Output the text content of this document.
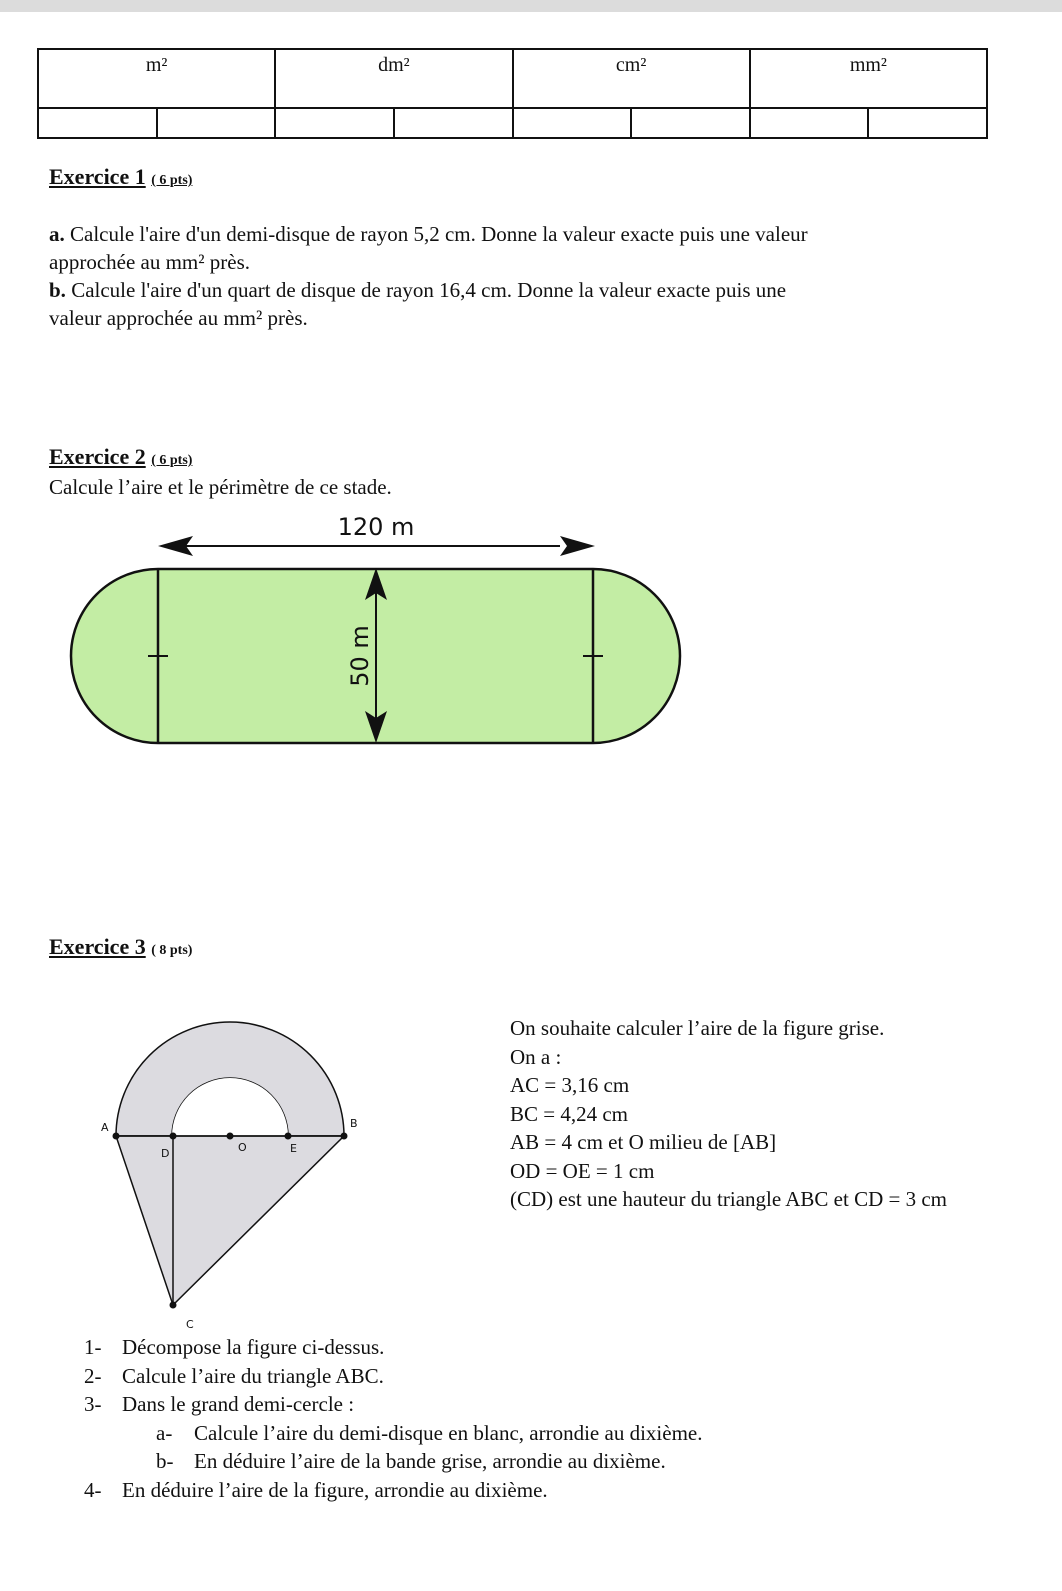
m²		dm²		cm²		mm²	

Exercice 1 ( 6 pts)
a. Calcule l'aire d'un demi-disque de rayon 5,2 cm. Donne la valeur exacte puis une valeur
approchée au mm² près.
b. Calcule l'aire d'un quart de disque de rayon 16,4 cm. Donne la valeur exacte puis une
valeur approchée au mm² près.
Exercice 2 ( 6 pts)
Calcule l’aire et le périmètre de ce stade.
120 m
50 m
Exercice 3 ( 8 pts)
A	B
C
D	O	E
On souhaite calculer l’aire de la figure grise.
On a :
AC = 3,16 cm
BC = 4,24 cm
AB = 4 cm et O milieu de [AB]
OD = OE = 1 cm
(CD) est une hauteur du triangle ABC et CD = 3 cm
1- Décompose la figure ci-dessus.
2- Calcule l’aire du triangle ABC.
3- Dans le grand demi-cercle :
a- Calcule l’aire du demi-disque en blanc, arrondie au dixième.
b- En déduire l’aire de la bande grise, arrondie au dixième.
4- En déduire l’aire de la figure, arrondie au dixième.
